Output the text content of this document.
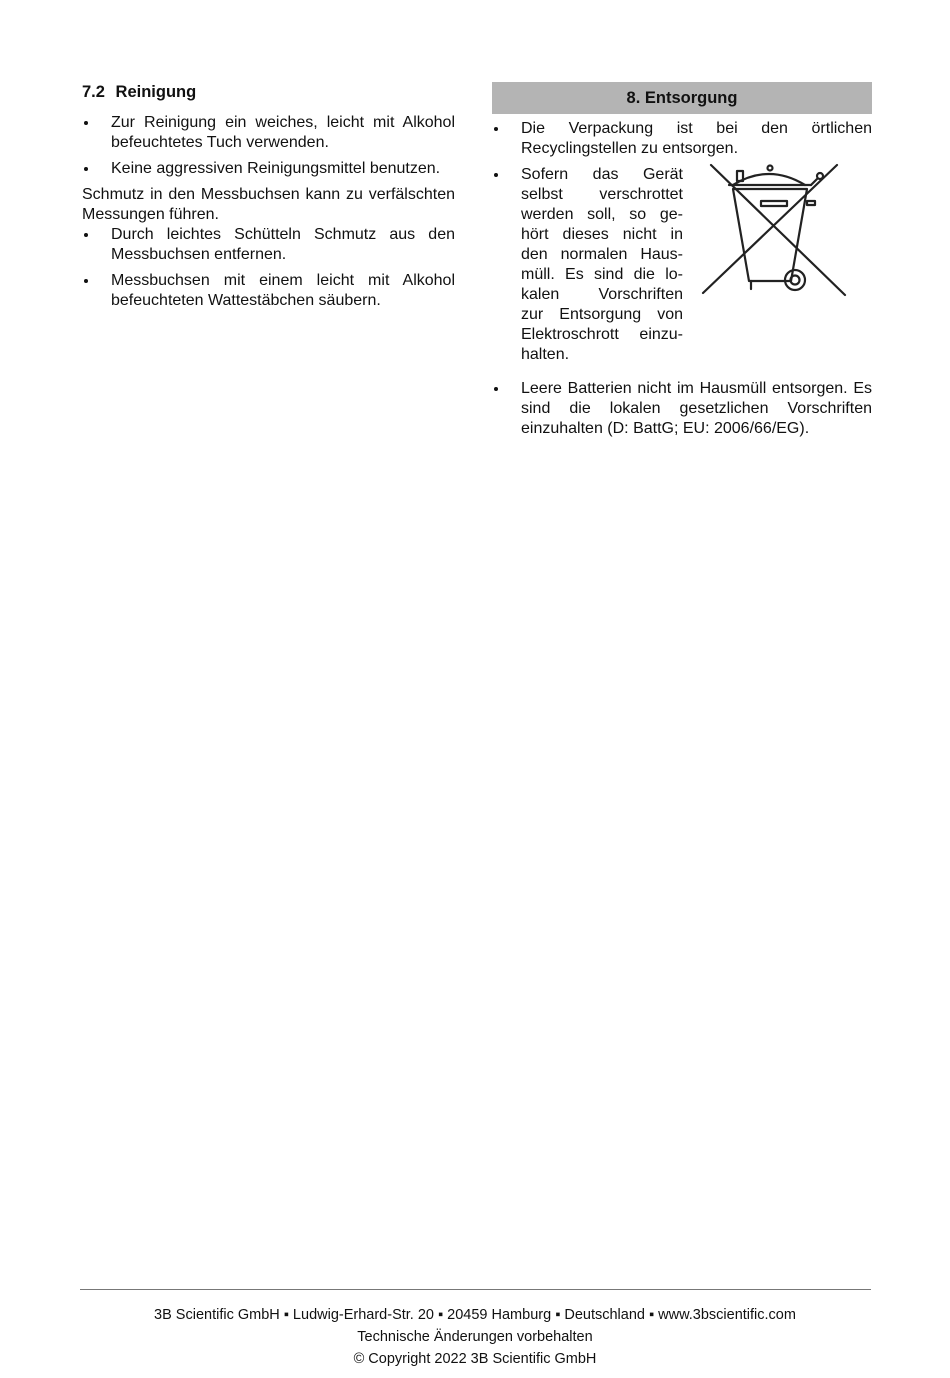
7.2 Reinigung
Zur Reinigung ein weiches, leicht mit Alkohol befeuchtetes Tuch verwenden.
Keine aggressiven Reinigungsmittel benutzen.

Schmutz in den Messbuchsen kann zu verfälschten Messungen führen.

Durch leichtes Schütteln Schmutz aus den Messbuchsen entfernen.
Messbuchsen mit einem leicht mit Alkohol befeuchteten Wattestäbchen säubern.
8. Entsorgung
Die Verpackung ist bei den örtlichen Recyclingstellen zu entsorgen.
Sofern das Gerät
selbst verschrottet
werden soll, so ge-
hört dieses nicht in
den normalen Haus-
müll. Es sind die lo-
kalen Vorschriften
zur Entsorgung von
Elektroschrott einzu-
halten.
Leere Batterien nicht im Hausmüll entsorgen. Es sind die lokalen gesetzlichen Vorschriften einzuhalten (D: BattG; EU: 2006/66/EG).
3B Scientific GmbH ▪ Ludwig-Erhard-Str. 20 ▪ 20459 Hamburg ▪ Deutschland ▪ www.3bscientific.com
Technische Änderungen vorbehalten
© Copyright 2022 3B Scientific GmbH
